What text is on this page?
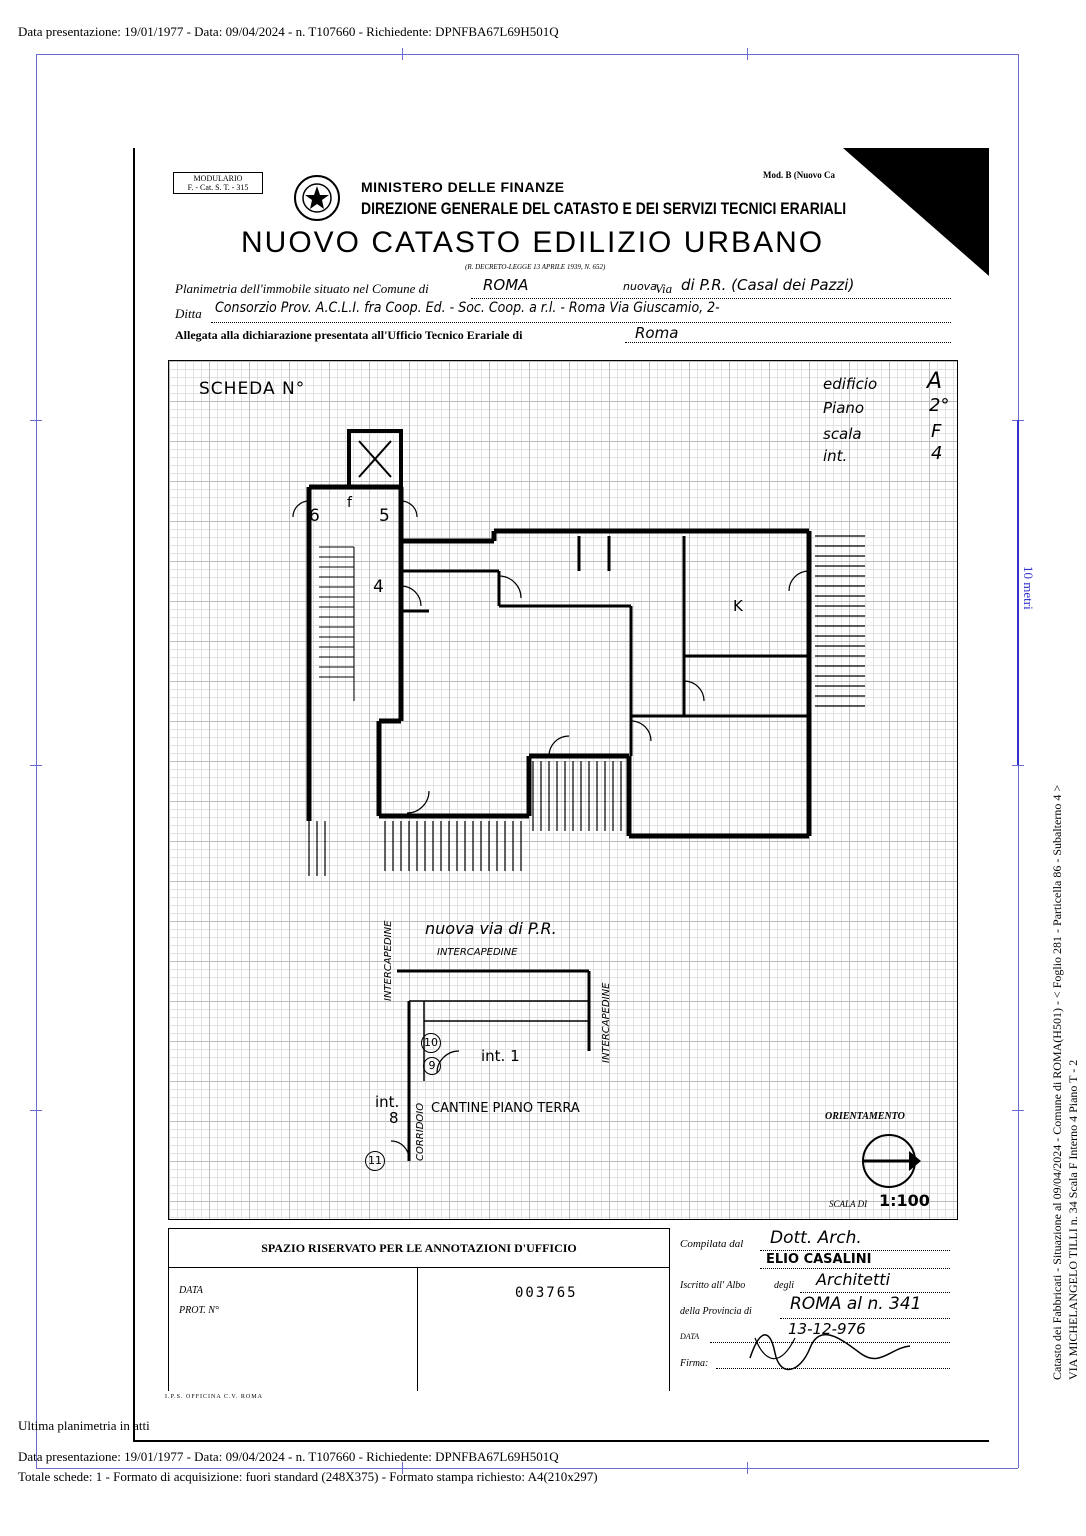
Data presentazione: 19/01/1977 - Data: 09/04/2024 - n. T107660 - Richiedente: DPNFBA67L69H501Q
10 metri
Catasto dei Fabbricati - Situazione al 09/04/2024 - Comune di ROMA(H501) - < Foglio 281 - Particella 86 - Subalterno 4 > VIA MICHELANGELO TILLI n. 34 Scala F Interno 4 Piano T - 2
MODULARIO
F. - Cat. S. T. - 315	MINISTERO DELLE FINANZE
DIREZIONE GENERALE DEL CATASTO E DEI SERVIZI TECNICI ERARIALI
NUOVO CATASTO EDILIZIO URBANO
(R. DECRETO-LEGGE 13 APRILE 1939, N. 652)
Mod. B (Nuovo Ca
Planimetria dell'immobile situato nel Comune di	ROMA	nuova
Via di P.R. (Casal dei Pazzi)
Ditta Consorzio Prov. A.C.L.I. fra Coop. Ed. - Soc. Coop. a r.l. - Roma Via Giuscamio, 2-
Allegata alla dichiarazione presentata all'Ufficio Tecnico Erariale di	Roma
SCHEDA N°	edificio A
Piano	2°
scala	F
int.	4
6
f
5
4
K
nuova via di P.R.
INTERCAPEDINE
INTERCAPEDINE
INTERCAPEDINE
10
9
int. 1
int.
8
11	CORRIDOIO CANTINE PIANO TERRA
ORIENTAMENTO
SCALA DI 1:100
SPAZIO RISERVATO PER LE ANNOTAZIONI D'UFFICIO
DATA
PROT. N°
003765
Compilata dal Dott. Arch.
ELIO CASALINI
Iscritto all' Albo	degli Architetti
della Provincia di ROMA al n. 341
DATA	13-12-976
Firma:
I.P.S. OFFICINA C.V. ROMA
Ultima planimetria in atti
Data presentazione: 19/01/1977 - Data: 09/04/2024 - n. T107660 - Richiedente: DPNFBA67L69H501Q
Totale schede: 1 - Formato di acquisizione: fuori standard (248X375) - Formato stampa richiesto: A4(210x297)
